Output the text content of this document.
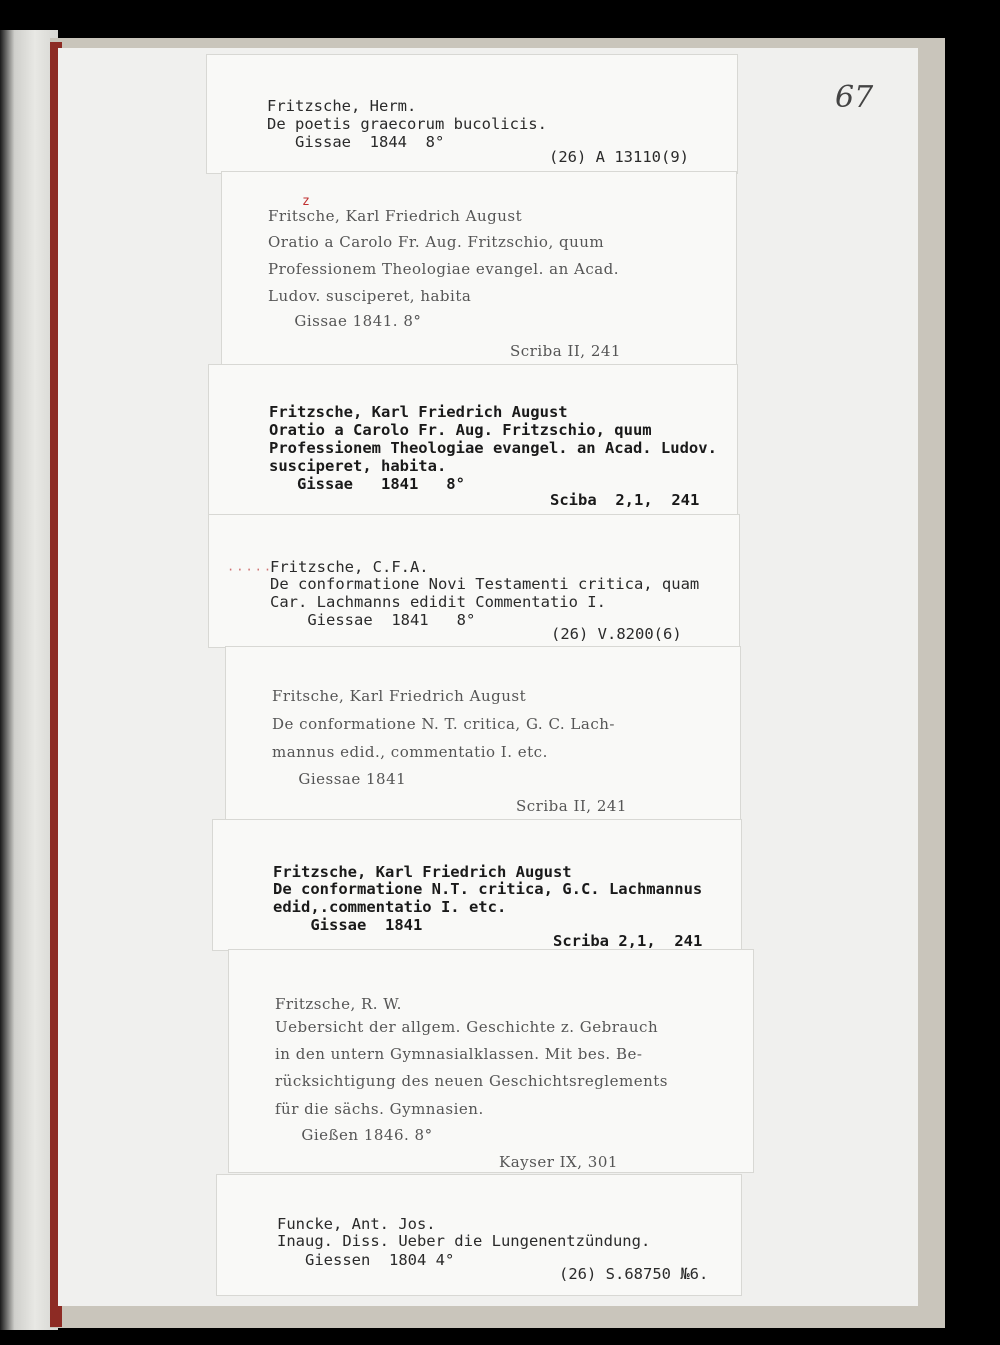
67
Fritzsche, Herm.
De poetis graecorum bucolicis.
Gissae  1844  8°
(26) A 13110(9)
z
Fritsche, Karl Friedrich August
Oratio a Carolo Fr. Aug. Fritzschio, quum
Professionem Theologiae evangel. an Acad.
Ludov. susciperet, habita
Gissae 1841. 8°
Scriba II, 241
Fritzsche, Karl Friedrich August
Oratio a Carolo Fr. Aug. Fritzschio, quum
Professionem Theologiae evangel. an Acad. Ludov.
susciperet, habita.
Gissae   1841   8°
Sciba  2,1,  241
·····
Fritzsche, C.F.A.
De conformatione Novi Testamenti critica, quam
Car. Lachmanns edidit Commentatio I.
Giessae  1841   8°
(26) V.8200(6)
Fritsche, Karl Friedrich August
De conformatione N. T. critica, G. C. Lach-
mannus edid., commentatio I. etc.
Giessae 1841
Scriba II, 241
Fritzsche, Karl Friedrich August
De conformatione N.T. critica, G.C. Lachmannus
edid,.commentatio I. etc.
Gissae  1841
Scriba 2,1,  241
Fritzsche, R. W.
Uebersicht der allgem. Geschichte z. Gebrauch
in den untern Gymnasialklassen. Mit bes. Be-
rücksichtigung des neuen Geschichtsreglements
für die sächs. Gymnasien.
Gießen 1846. 8°
Kayser IX, 301
Funcke, Ant. Jos.
Inaug. Diss. Ueber die Lungenentzündung.
Giessen  1804 4°
(26) S.68750 №6.
